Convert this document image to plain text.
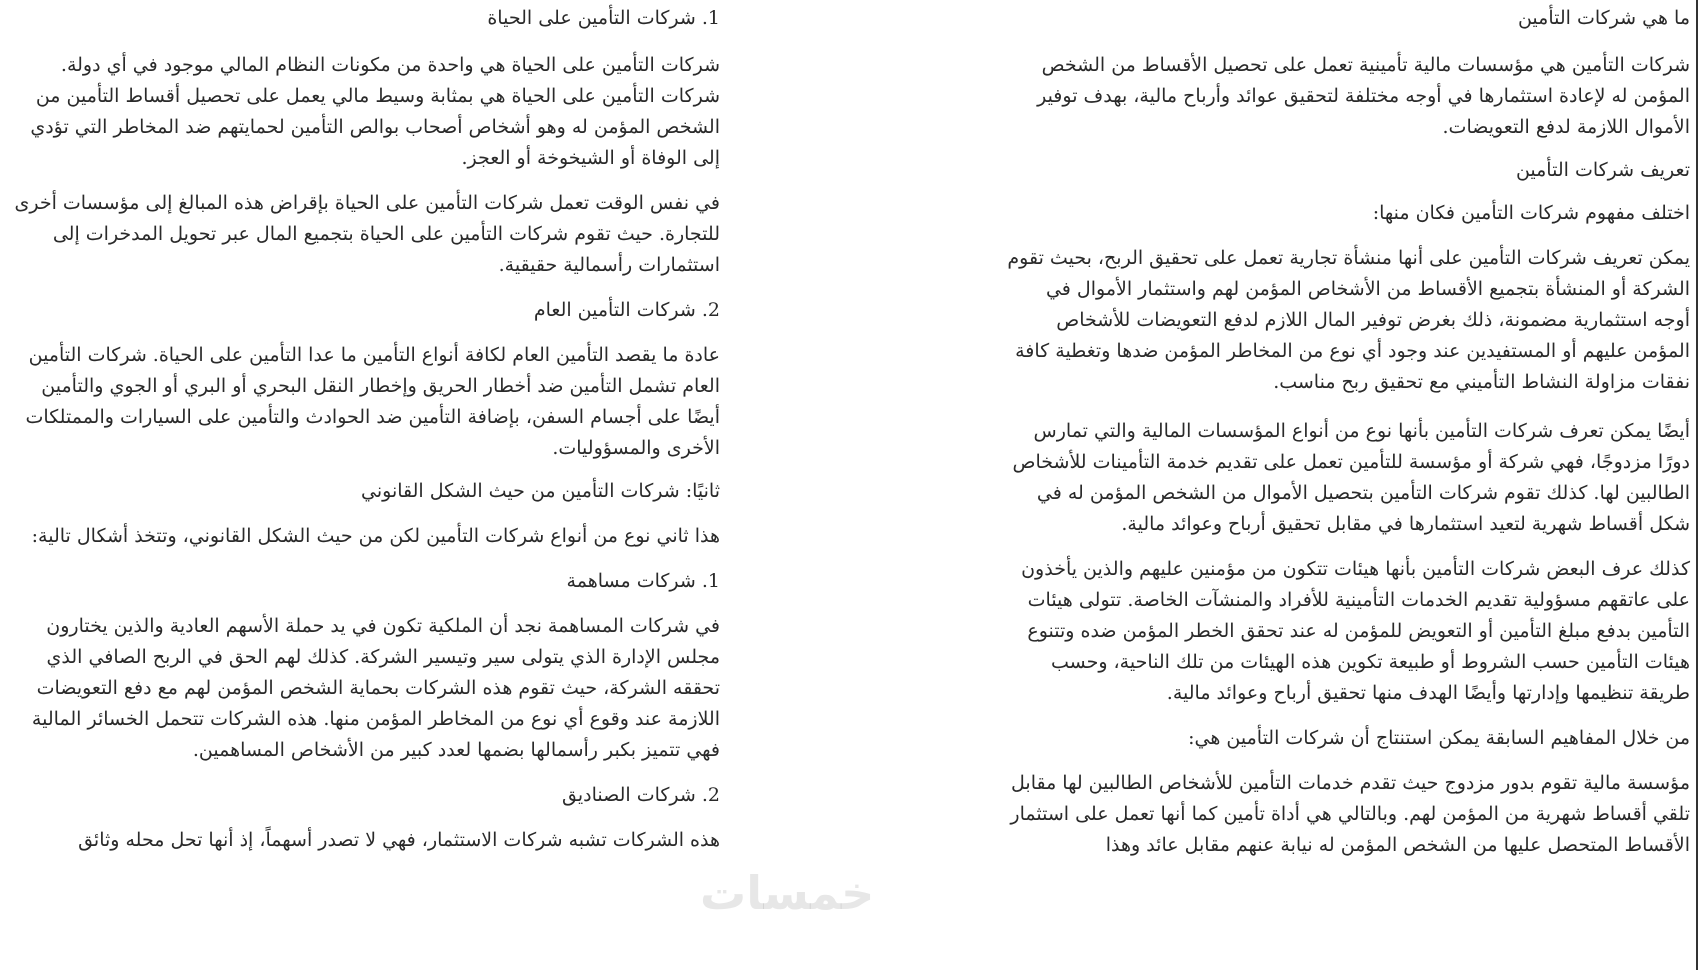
ما هي شركات التأمين

شركات التأمين هي مؤسسات مالية تأمينية تعمل على تحصيل الأقساط من الشخص المؤمن له لإعادة استثمارها في أوجه مختلفة لتحقيق عوائد وأرباح مالية، بهدف توفير الأموال اللازمة لدفع التعويضات.

تعريف شركات التأمين

اختلف مفهوم شركات التأمين فكان منها:

يمكن تعريف شركات التأمين على أنها منشأة تجارية تعمل على تحقيق الربح، بحيث تقوم الشركة أو المنشأة بتجميع الأقساط من الأشخاص المؤمن لهم واستثمار الأموال في أوجه استثمارية مضمونة، ذلك بغرض توفير المال اللازم لدفع التعويضات للأشخاص المؤمن عليهم أو المستفيدين عند وجود أي نوع من المخاطر المؤمن ضدها وتغطية كافة نفقات مزاولة النشاط التأميني مع تحقيق ربح مناسب.

أيضًا يمكن تعرف شركات التأمين بأنها نوع من أنواع المؤسسات المالية والتي تمارس دورًا مزدوجًا، فهي شركة أو مؤسسة للتأمين تعمل على تقديم خدمة التأمينات للأشخاص الطالبين لها. كذلك تقوم شركات التأمين بتحصيل الأموال من الشخص المؤمن له في شكل أقساط شهرية لتعيد استثمارها في مقابل تحقيق أرباح وعوائد مالية.

كذلك عرف البعض شركات التأمين بأنها هيئات تتكون من مؤمنين عليهم والذين يأخذون على عاتقهم مسؤولية تقديم الخدمات التأمينية للأفراد والمنشآت الخاصة. تتولى هيئات التأمين بدفع مبلغ التأمين أو التعويض للمؤمن له عند تحقق الخطر المؤمن ضده وتتنوع هيئات التأمين حسب الشروط أو طبيعة تكوين هذه الهيئات من تلك الناحية، وحسب طريقة تنظيمها وإدارتها وأيضًا الهدف منها تحقيق أرباح وعوائد مالية.

من خلال المفاهيم السابقة يمكن استنتاج أن شركات التأمين هي:

مؤسسة مالية تقوم بدور مزدوج حيث تقدم خدمات التأمين للأشخاص الطالبين لها مقابل تلقي أقساط شهرية من المؤمن لهم. وبالتالي هي أداة تأمين كما أنها تعمل على استثمار الأقساط المتحصل عليها من الشخص المؤمن له نيابة عنهم مقابل عائد وهذا

1. شركات التأمين على الحياة

شركات التأمين على الحياة هي واحدة من مكونات النظام المالي موجود في أي دولة. شركات التأمين على الحياة هي بمثابة وسيط مالي يعمل على تحصيل أقساط التأمين من الشخص المؤمن له وهو أشخاص أصحاب بوالص التأمين لحمايتهم ضد المخاطر التي تؤدي إلى الوفاة أو الشيخوخة أو العجز.

في نفس الوقت تعمل شركات التأمين على الحياة بإقراض هذه المبالغ إلى مؤسسات أخرى للتجارة. حيث تقوم شركات التأمين على الحياة بتجميع المال عبر تحويل المدخرات إلى استثمارات رأسمالية حقيقية.

2. شركات التأمين العام

عادة ما يقصد التأمين العام لكافة أنواع التأمين ما عدا التأمين على الحياة. شركات التأمين العام تشمل التأمين ضد أخطار الحريق وإخطار النقل البحري أو البري أو الجوي والتأمين أيضًا على أجسام السفن، بإضافة التأمين ضد الحوادث والتأمين على السيارات والممتلكات الأخرى والمسؤوليات.

ثانيًا: شركات التأمين من حيث الشكل القانوني

هذا ثاني نوع من أنواع شركات التأمين لكن من حيث الشكل القانوني، وتتخذ أشكال تالية:

1. شركات مساهمة

في شركات المساهمة نجد أن الملكية تكون في يد حملة الأسهم العادية والذين يختارون مجلس الإدارة الذي يتولى سير وتيسير الشركة. كذلك لهم الحق في الربح الصافي الذي تحققه الشركة، حيث تقوم هذه الشركات بحماية الشخص المؤمن لهم مع دفع التعويضات اللازمة عند وقوع أي نوع من المخاطر المؤمن منها. هذه الشركات تتحمل الخسائر المالية فهي تتميز بكبر رأسمالها بضمها لعدد كبير من الأشخاص المساهمين.

2. شركات الصناديق

هذه الشركات تشبه شركات الاستثمار، فهي لا تصدر أسهماً، إذ أنها تحل محله وثائق

خمسات
